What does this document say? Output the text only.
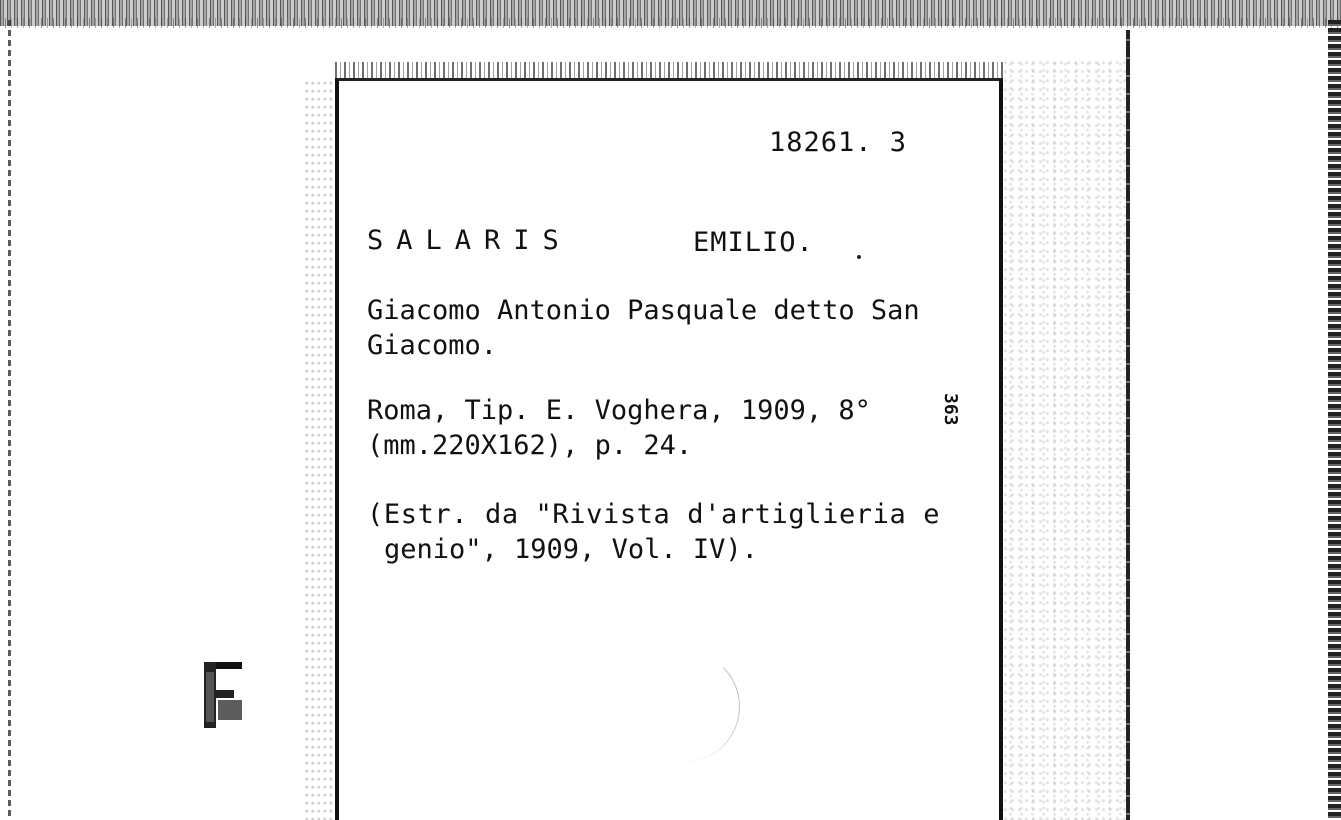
18261. 3
SALARIS	EMILIO.
Giacomo Antonio Pasquale detto San
Giacomo.
Roma, Tip. E. Voghera, 1909, 8°
(mm.220X162), p. 24.
(Estr. da "Rivista d'artiglieria e
genio", 1909, Vol. IV).
363
